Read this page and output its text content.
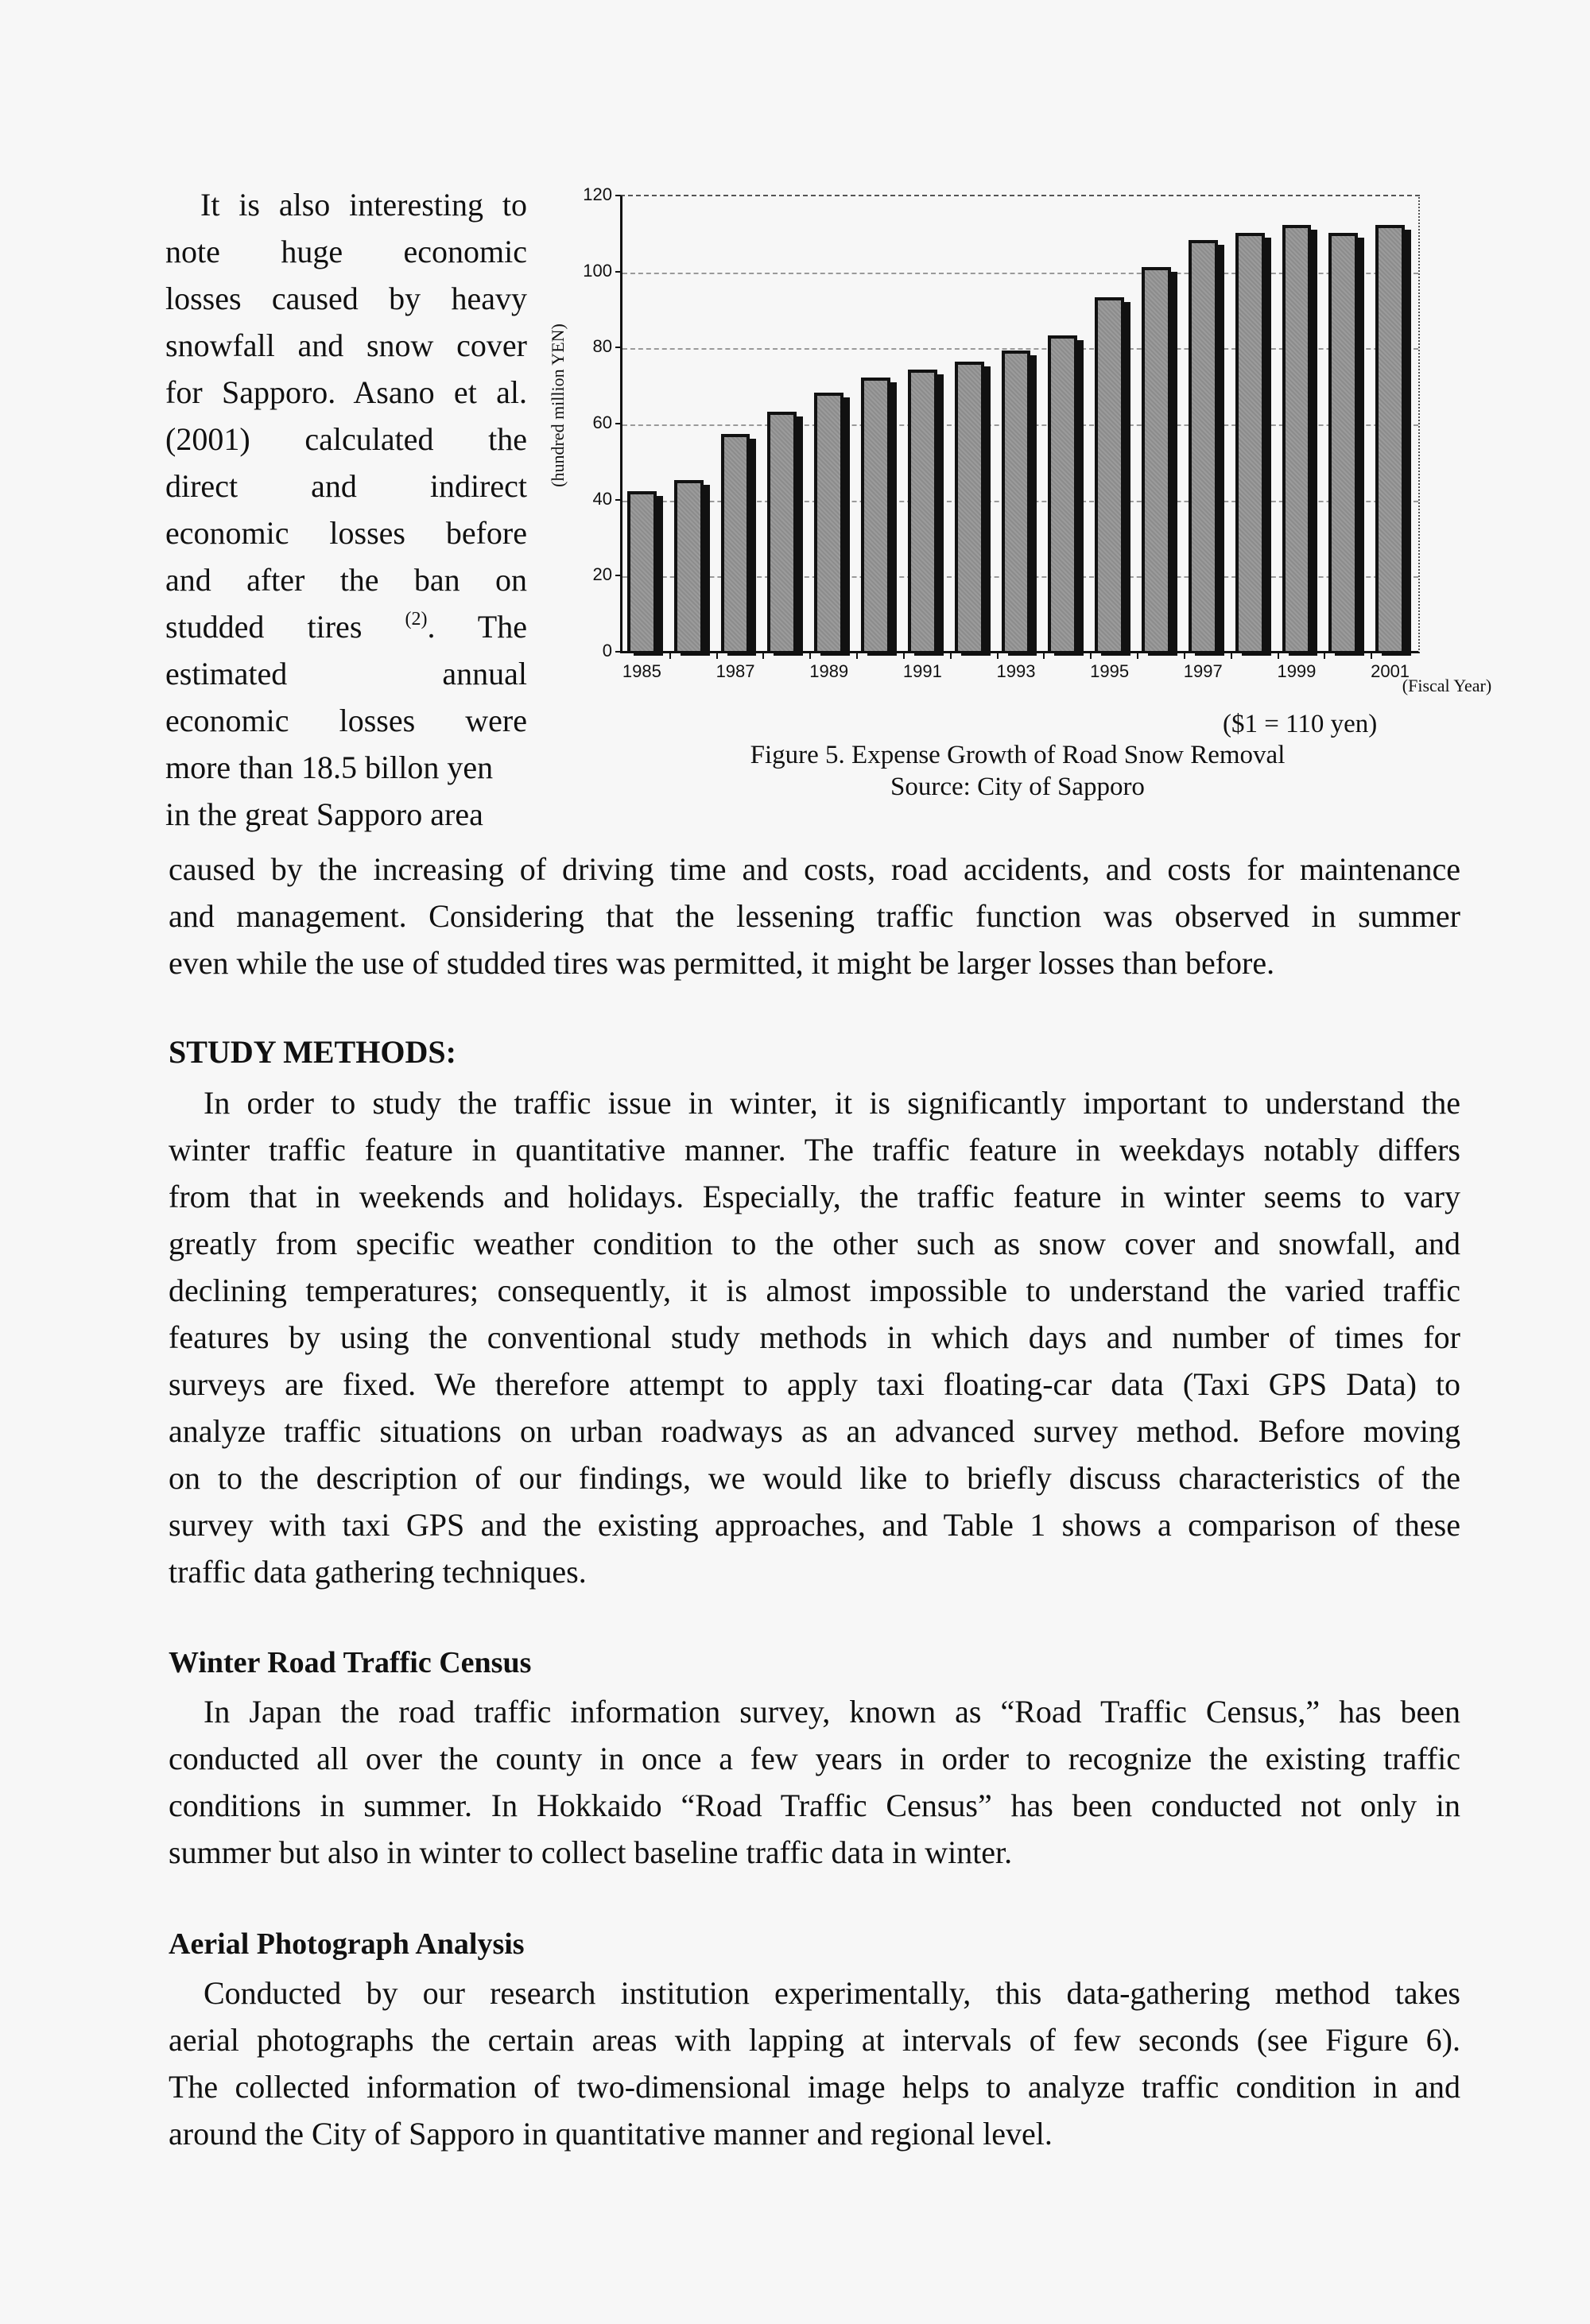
It is also interesting to
note huge economic
losses caused by heavy
snowfall and snow cover
for Sapporo. Asano et al.
(2001) calculated the
direct and indirect
economic losses before
and after the ban on
studded tires $^{(2)}$. The
estimated annual
economic losses were
more than 18.5 billon yen
in the great Sapporo area
(hundred million YEN)
0
20
40
60
80
100
120
1985	1987	1989	1991	1993	1995	1997	1999	2001
(Fiscal Year)
($1 = 110 yen)
Figure 5. Expense Growth of Road Snow Removal
Source: City of Sapporo
caused by the increasing of driving time and costs, road accidents, and costs for maintenance
and management. Considering that the lessening traffic function was observed in summer
even while the use of studded tires was permitted, it might be larger losses than before.
STUDY METHODS:
In order to study the traffic issue in winter, it is significantly important to understand the
winter traffic feature in quantitative manner. The traffic feature in weekdays notably differs
from that in weekends and holidays. Especially, the traffic feature in winter seems to vary
greatly from specific weather condition to the other such as snow cover and snowfall, and
declining temperatures; consequently, it is almost impossible to understand the varied traffic
features by using the conventional study methods in which days and number of times for
surveys are fixed. We therefore attempt to apply taxi floating-car data (Taxi GPS Data) to
analyze traffic situations on urban roadways as an advanced survey method. Before moving
on to the description of our findings, we would like to briefly discuss characteristics of the
survey with taxi GPS and the existing approaches, and Table 1 shows a comparison of these
traffic data gathering techniques.
Winter Road Traffic Census
In Japan the road traffic information survey, known as “Road Traffic Census,” has been
conducted all over the county in once a few years in order to recognize the existing traffic
conditions in summer. In Hokkaido “Road Traffic Census” has been conducted not only in
summer but also in winter to collect baseline traffic data in winter.
Aerial Photograph Analysis
Conducted by our research institution experimentally, this data-gathering method takes
aerial photographs the certain areas with lapping at intervals of few seconds (see Figure 6).
The collected information of two-dimensional image helps to analyze traffic condition in and
around the City of Sapporo in quantitative manner and regional level.
